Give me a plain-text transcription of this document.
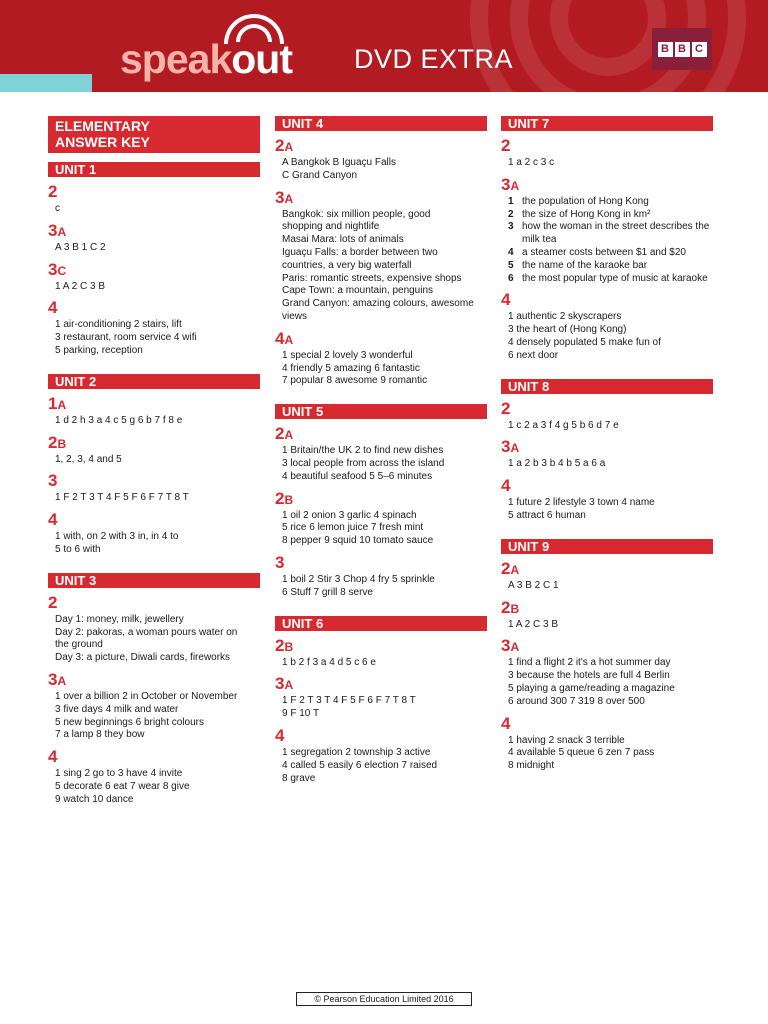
speakout DVD EXTRA	B B C
ELEMENTARY
ANSWER KEY
UNIT 1
2
c
3A
A 3 B 1 C 2
3C
1 A 2 C 3 B
4
1 air-conditioning 2 stairs, lift
3 restaurant, room service 4 wifi
5 parking, reception
UNIT 2
1A
1 d 2 h 3 a 4 c 5 g 6 b 7 f 8 e
2B
1, 2, 3, 4 and 5
3
1 F 2 T 3 T 4 F 5 F 6 F 7 T 8 T
4
1 with, on 2 with 3 in, in 4 to
5 to 6 with
UNIT 3
2
Day 1: money, milk, jewellery
Day 2: pakoras, a woman pours water on
the ground
Day 3: a picture, Diwali cards, fireworks
3A
1 over a billion 2 in October or November
3 five days 4 milk and water
5 new beginnings 6 bright colours
7 a lamp 8 they bow
4
1 sing 2 go to 3 have 4 invite
5 decorate 6 eat 7 wear 8 give
9 watch 10 dance
UNIT 4
2A
A Bangkok B Iguaçu Falls
C Grand Canyon
3A
Bangkok: six million people, good
shopping and nightlife
Masai Mara: lots of animals
Iguaçu Falls: a border between two
countries, a very big waterfall
Paris: romantic streets, expensive shops
Cape Town: a mountain, penguins
Grand Canyon: amazing colours, awesome
views
4A
1 special 2 lovely 3 wonderful
4 friendly 5 amazing 6 fantastic
7 popular 8 awesome 9 romantic
UNIT 5
2A
1 Britain/the UK 2 to find new dishes
3 local people from across the island
4 beautiful seafood 5 5–6 minutes
2B
1 oil 2 onion 3 garlic 4 spinach
5 rice 6 lemon juice 7 fresh mint
8 pepper 9 squid 10 tomato sauce
3
1 boil 2 Stir 3 Chop 4 fry 5 sprinkle
6 Stuff 7 grill 8 serve
UNIT 6
2B
1 b 2 f 3 a 4 d 5 c 6 e
3A
1 F 2 T 3 T 4 F 5 F 6 F 7 T 8 T
9 F 10 T
4
1 segregation 2 township 3 active
4 called 5 easily 6 election 7 raised
8 grave
UNIT 7
2
1 a 2 c 3 c
3A
1 the population of Hong Kong
2 the size of Hong Kong in km²
3 how the woman in the street describes the milk tea
4 a steamer costs between $1 and $20
5 the name of the karaoke bar
6 the most popular type of music at karaoke
4
1 authentic 2 skyscrapers
3 the heart of (Hong Kong)
4 densely populated 5 make fun of
6 next door
UNIT 8
2
1 c 2 a 3 f 4 g 5 b 6 d 7 e
3A
1 a 2 b 3 b 4 b 5 a 6 a
4
1 future 2 lifestyle 3 town 4 name
5 attract 6 human
UNIT 9
2A
A 3 B 2 C 1
2B
1 A 2 C 3 B
3A
1 find a flight 2 it's a hot summer day
3 because the hotels are full 4 Berlin
5 playing a game/reading a magazine
6 around 300 7 319 8 over 500
4
1 having 2 snack 3 terrible
4 available 5 queue 6 zen 7 pass
8 midnight
© Pearson Education Limited 2016
